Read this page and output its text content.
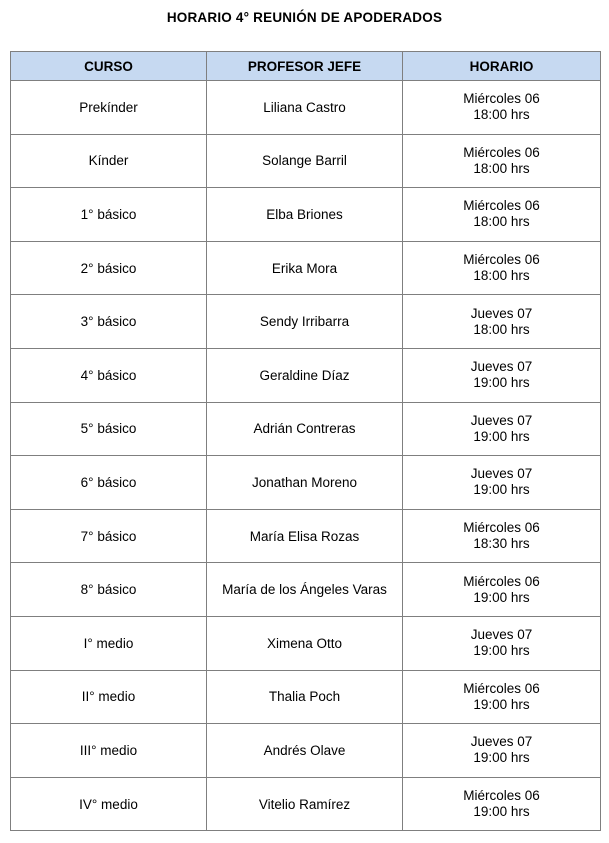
HORARIO 4° REUNIÓN DE APODERADOS
CURSO	PROFESOR JEFE	HORARIO
Prekínder	Liliana Castro	Miércoles 06
18:00 hrs

Kínder	Solange Barril	Miércoles 06
18:00 hrs

1° básico	Elba Briones	Miércoles 06
18:00 hrs

2° básico	Erika Mora	Miércoles 06
18:00 hrs

3° básico	Sendy Irribarra	Jueves 07
18:00 hrs

4° básico	Geraldine Díaz	Jueves 07
19:00 hrs

5° básico	Adrián Contreras	Jueves 07
19:00 hrs

6° básico	Jonathan Moreno	Jueves 07
19:00 hrs

7° básico	María Elisa Rozas	Miércoles 06
18:30 hrs

8° básico	María de los Ángeles Varas	Miércoles 06
19:00 hrs

I° medio	Ximena Otto	Jueves 07
19:00 hrs

II° medio	Thalia Poch	Miércoles 06
19:00 hrs

III° medio	Andrés Olave	Jueves 07
19:00 hrs

IV° medio	Vitelio Ramírez	Miércoles 06
19:00 hrs
